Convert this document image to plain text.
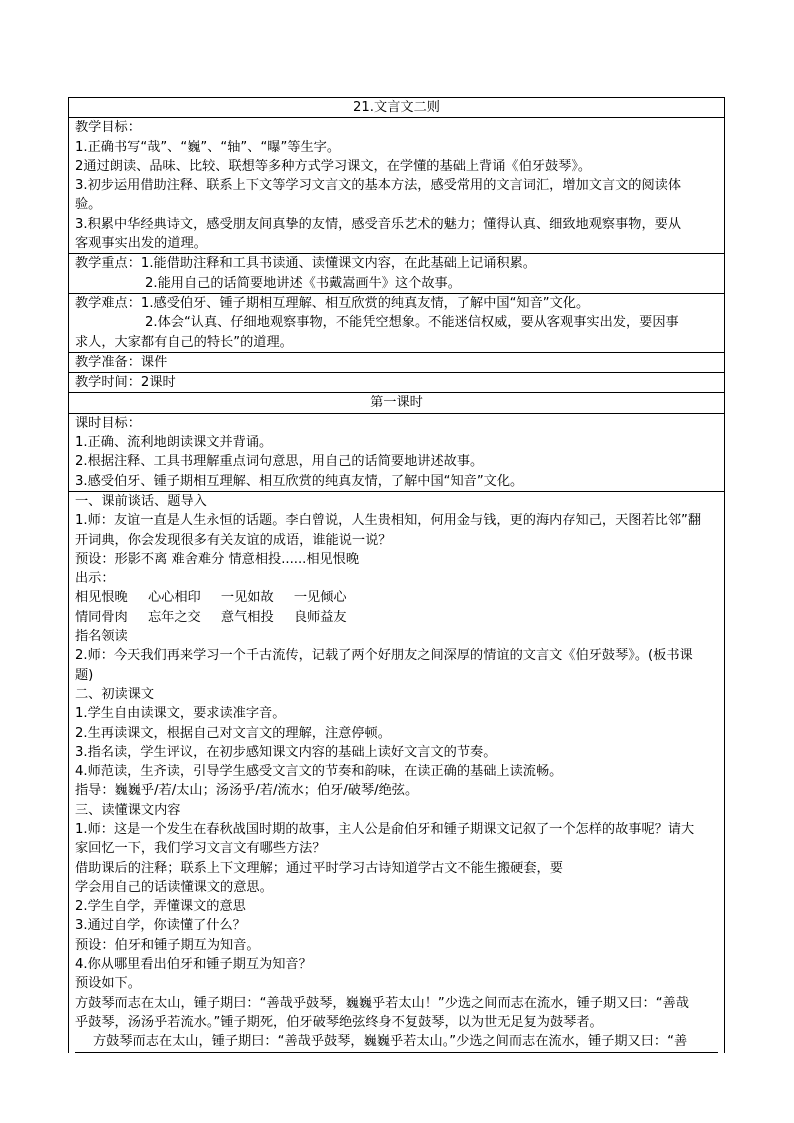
21.文言文二则
教学目标：
1.正确书写“哉”、“巍”、“轴”、“曝”等生字。
2通过朗读、品味、比较、联想等多种方式学习课文，在学懂的基础上背诵《伯牙鼓琴》。
3.初步运用借助注释、联系上下文等学习文言文的基本方法，感受常用的文言词汇，增加文言文的阅读体
验。
3.积累中华经典诗文，感受朋友间真挚的友情，感受音乐艺术的魅力；懂得认真、细致地观察事物，要从
客观事实出发的道理。
教学重点：1.能借助注释和工具书读通、读懂课文内容，在此基础上记诵积累。
2.能用自己的话简要地讲述《书戴嵩画牛》这个故事。
教学难点：1.感受伯牙、锺子期相互理解、相互欣赏的纯真友情，了解中国“知音”文化。
2.体会“认真、仔细地观察事物，不能凭空想象。不能迷信权威，要从客观事实出发，要因事
求人，大家都有自己的特长”的道理。
教学准备：课件
教学时间：2课时
第一课时
课时目标：
1.正确、流利地朗读课文并背诵。
2.根据注释、工具书理解重点词句意思，用自己的话简要地讲述故事。
3.感受伯牙、锺子期相互理解、相互欣赏的纯真友情，了解中国“知音”文化。
一、课前谈话、题导入
1.师：友谊一直是人生永恒的话题。李白曾说，人生贵相知，何用金与钱，更的海内存知己，天图若比邻”翻
开词典，你会发现很多有关友谊的成语，谁能说一说？
预设：形影不离 难舍难分 情意相投......相见恨晚
出示：
相见恨晚 心心相印 一见如故 一见倾心
情同骨肉 忘年之交 意气相投 良师益友
指名领读
2.师：今天我们再来学习一个千古流传，记载了两个好朋友之间深厚的情谊的文言文《伯牙鼓琴》。(板书课
题)
二、初读课文
1.学生自由读课文，要求读准字音。
2.生再读课文，根据自己对文言文的理解，注意停顿。
3.指名读，学生评议，在初步感知课文内容的基础上读好文言文的节奏。
4.师范读，生齐读，引导学生感受文言文的节奏和韵味，在读正确的基础上读流畅。
指导：巍巍乎/若/太山；汤汤乎/若/流水；伯牙/破琴/绝弦。
三、读懂课文内容
1.师：这是一个发生在春秋战国时期的故事，主人公是俞伯牙和锺子期课文记叙了一个怎样的故事呢？请大
家回忆一下，我们学习文言文有哪些方法？
借助课后的注释；联系上下文理解；通过平时学习古诗知道学古文不能生搬硬套，要
学会用自己的话读懂课文的意思。
2.学生自学，弄懂课文的意思
3.通过自学，你读懂了什么？
预设：伯牙和锺子期互为知音。
4.你从哪里看出伯牙和锺子期互为知音？
预设如下。
方鼓琴而志在太山，锺子期曰：“善哉乎鼓琴，巍巍乎若太山！”少选之间而志在流水，锺子期又曰：“善哉
乎鼓琴，汤汤乎若流水。”锺子期死，伯牙破琴绝弦终身不复鼓琴，以为世无足复为鼓琴者。
方鼓琴而志在太山，锺子期曰：“善哉乎鼓琴，巍巍乎若太山。”少选之间而志在流水，锺子期又曰：“善
